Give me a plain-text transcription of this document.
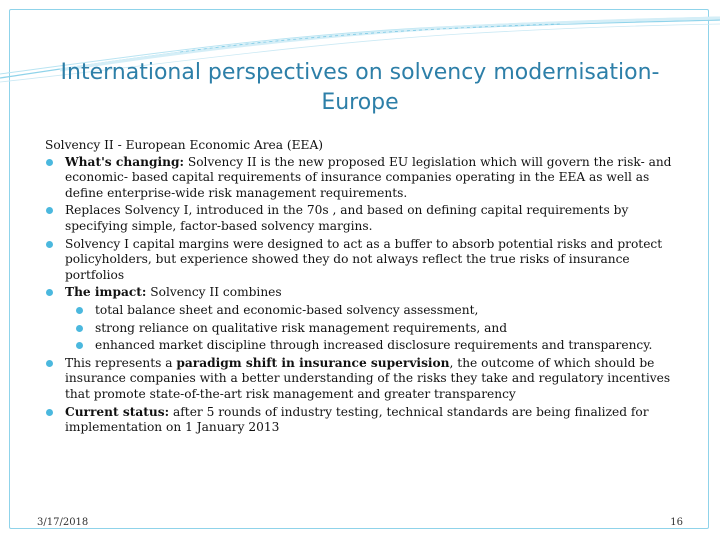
International perspectives on solvency modernisation- Europe
Solvency II - European Economic Area (EEA)
What's changing: Solvency II is the new proposed EU legislation which will govern the risk- and economic- based capital requirements of insurance companies operating in the EEA as well as define enterprise-wide risk management requirements.
Replaces Solvency I, introduced in the 70s , and based on defining capital requirements by specifying simple, factor-based solvency margins.
Solvency I capital margins were designed to act as a buffer to absorb potential risks and protect policyholders, but experience showed they do not always reflect the true risks of insurance portfolios
The impact: Solvency II combines
total balance sheet and economic-based solvency assessment,
strong reliance on qualitative risk management requirements, and
enhanced market discipline through increased disclosure requirements and transparency.
This represents a paradigm shift in insurance supervision, the outcome of which should be insurance companies with a better understanding of the risks they take and regulatory incentives that promote state-of-the-art risk management and greater transparency
Current status: after 5 rounds of industry testing, technical standards are being finalized for implementation on 1 January 2013
3/17/2018	16
